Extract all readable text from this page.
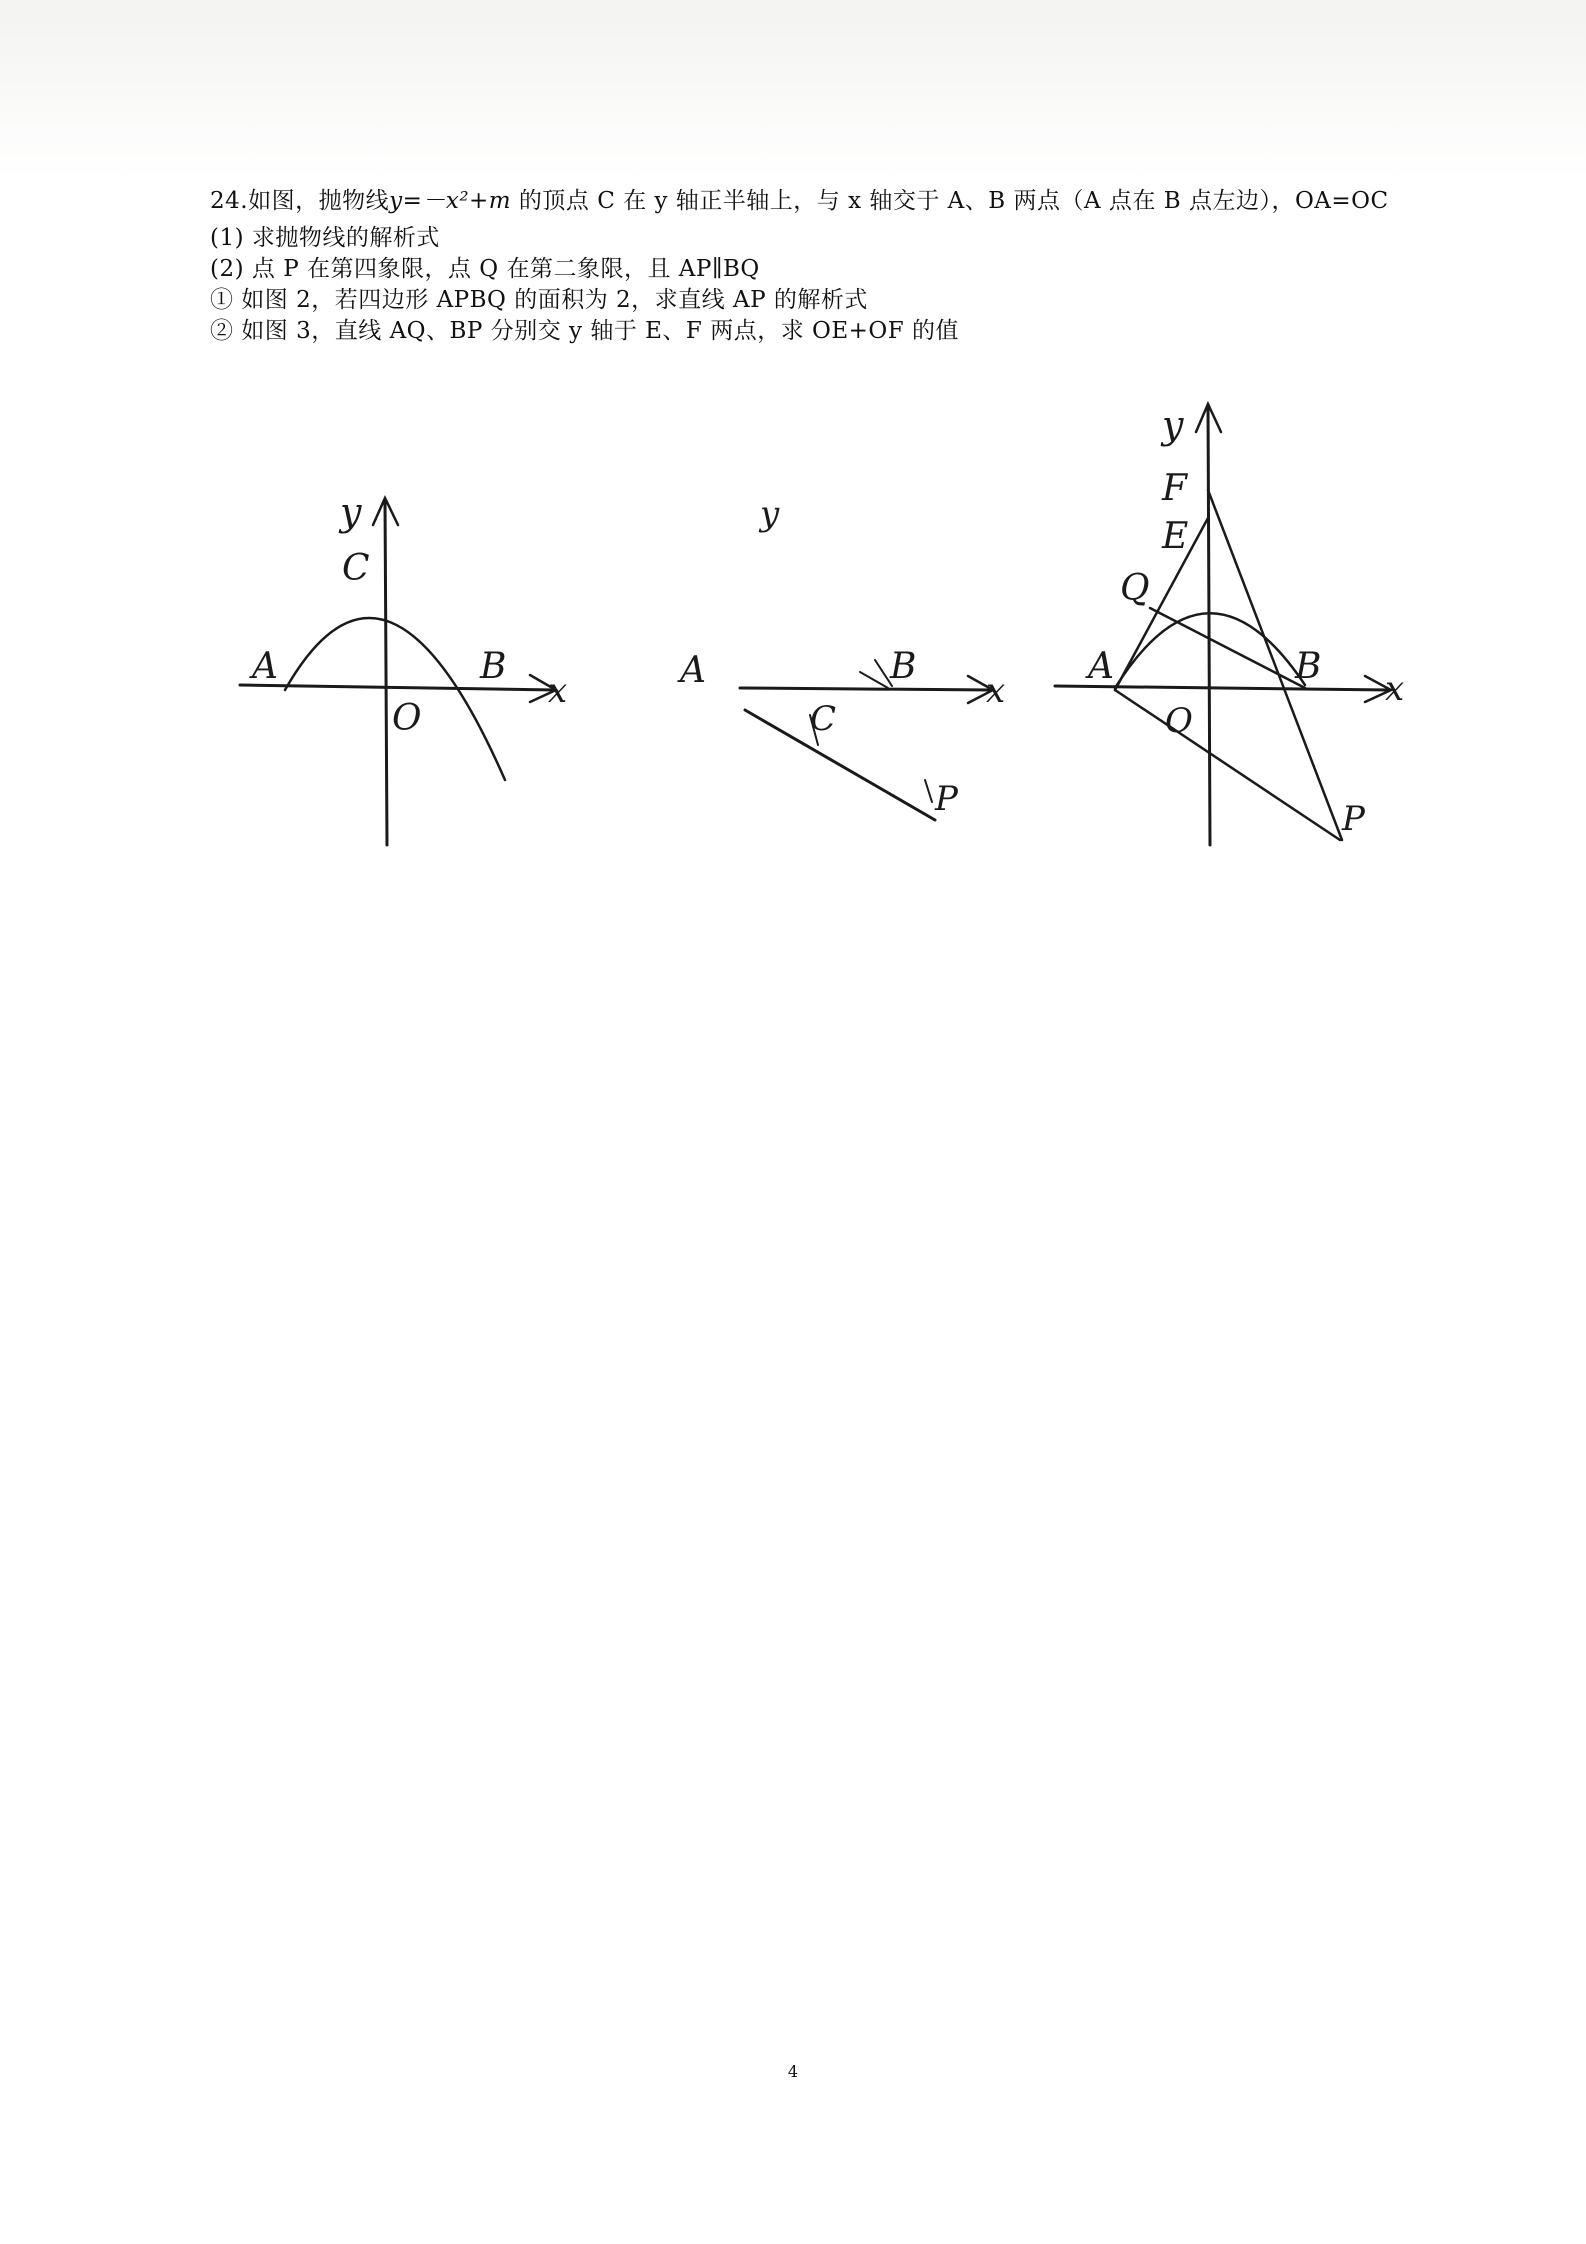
24.如图，抛物线y=－x²+m 的顶点 C 在 y 轴正半轴上，与 x 轴交于 A、B 两点（A 点在 B 点左边），OA=OC
(1) 求抛物线的解析式
(2) 点 P 在第四象限，点 Q 在第二象限，且 AP∥BQ
① 如图 2，若四边形 APBQ 的面积为 2，求直线 AP 的解析式
② 如图 3，直线 AQ、BP 分别交 y 轴于 E、F 两点，求 OE+OF 的值
y
C
A	B
O
x
y
A	B
C
P
x
y
F
E
Q
A	B
O
P
x
4
